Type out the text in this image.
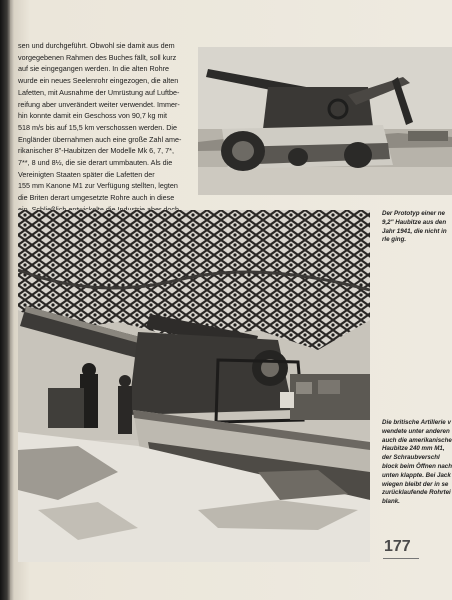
sen und durchgeführt. Obwohl sie damit aus dem
vorgegebenen Rahmen des Buches fällt, soll kurz
auf sie eingegangen werden. In die alten Rohre
wurde ein neues Seelenrohr eingezogen, die alten
Lafetten, mit Ausnahme der Umrüstung auf Luftbe-
reifung aber unverändert weiter verwendet. Immer-
hin konnte damit ein Geschoss von 90,7 kg mit
518 m/s bis auf 15,5 km verschossen werden. Die
Engländer übernahmen auch eine große Zahl ame-
rikanischer 8"-Haubitzen der Modelle Mk 6, 7, 7*,
7**, 8 und 8½, die sie derart ummbauten. Als die
Vereinigten Staaten später die Lafetten der
155 mm Kanone M1 zur Verfügung stellten, legten
die Briten derart umgesetzte Rohre auch in diese
Der Prototyp einer ne
9,2" Haubitze aus den
Jahr 1941, die nicht in
rle ging.
Die britische Artillerie v
wendete unter anderen
auch die amerikanische
Haubitze 240 mm M1,
der Schraubverschl
block beim Öffnen nach
unten klappte. Bei Jack
wiegen bleibt der in se
zurücklaufende Rohrtei
blank.
177
